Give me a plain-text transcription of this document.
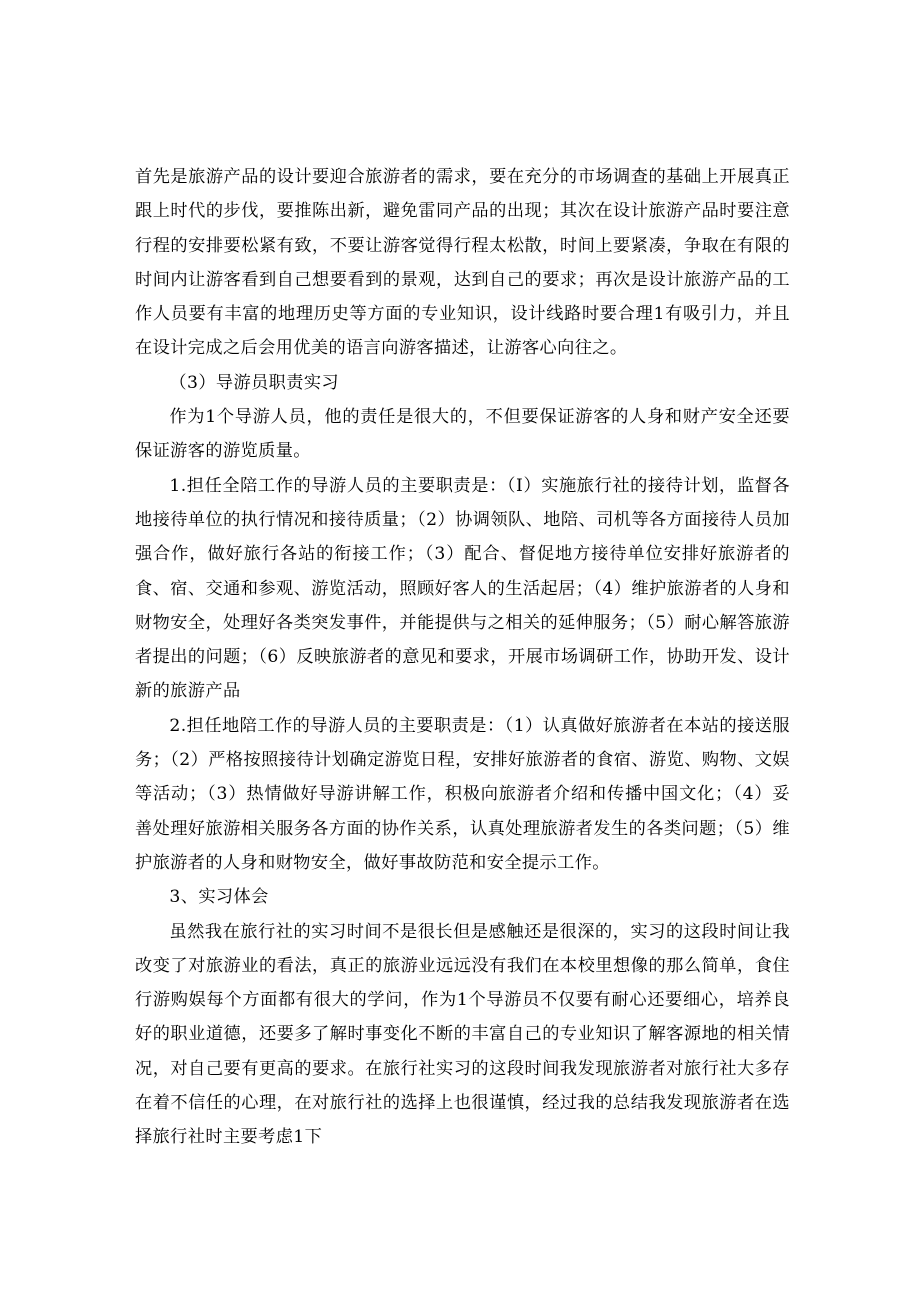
首先是旅游产品的设计要迎合旅游者的需求，要在充分的市场调查的基础上开展真正跟上时代的步伐，要推陈出新，避免雷同产品的出现；其次在设计旅游产品时要注意行程的安排要松紧有致，不要让游客觉得行程太松散，时间上要紧凑，争取在有限的时间内让游客看到自己想要看到的景观，达到自己的要求；再次是设计旅游产品的工作人员要有丰富的地理历史等方面的专业知识，设计线路时要合理1有吸引力，并且在设计完成之后会用优美的语言向游客描述，让游客心向往之。

（3）导游员职责实习

作为1个导游人员，他的责任是很大的，不但要保证游客的人身和财产安全还要保证游客的游览质量。

1.担任全陪工作的导游人员的主要职责是：（I）实施旅行社的接待计划，监督各地接待单位的执行情况和接待质量；（2）协调领队、地陪、司机等各方面接待人员加强合作，做好旅行各站的衔接工作；（3）配合、督促地方接待单位安排好旅游者的食、宿、交通和参观、游览活动，照顾好客人的生活起居；（4）维护旅游者的人身和财物安全，处理好各类突发事件，并能提供与之相关的延伸服务；（5）耐心解答旅游者提出的问题；（6）反映旅游者的意见和要求，开展市场调研工作，协助开发、设计新的旅游产品

2.担任地陪工作的导游人员的主要职责是：（1）认真做好旅游者在本站的接送服务；（2）严格按照接待计划确定游览日程，安排好旅游者的食宿、游览、购物、文娱等活动；（3）热情做好导游讲解工作，积极向旅游者介绍和传播中国文化；（4）妥善处理好旅游相关服务各方面的协作关系，认真处理旅游者发生的各类问题；（5）维护旅游者的人身和财物安全，做好事故防范和安全提示工作。

3、实习体会

虽然我在旅行社的实习时间不是很长但是感触还是很深的，实习的这段时间让我改变了对旅游业的看法，真正的旅游业远远没有我们在本校里想像的那么简单，食住行游购娱每个方面都有很大的学问，作为1个导游员不仅要有耐心还要细心，培养良好的职业道德，还要多了解时事变化不断的丰富自己的专业知识了解客源地的相关情况，对自己要有更高的要求。在旅行社实习的这段时间我发现旅游者对旅行社大多存在着不信任的心理，在对旅行社的选择上也很谨慎，经过我的总结我发现旅游者在选择旅行社时主要考虑1下
